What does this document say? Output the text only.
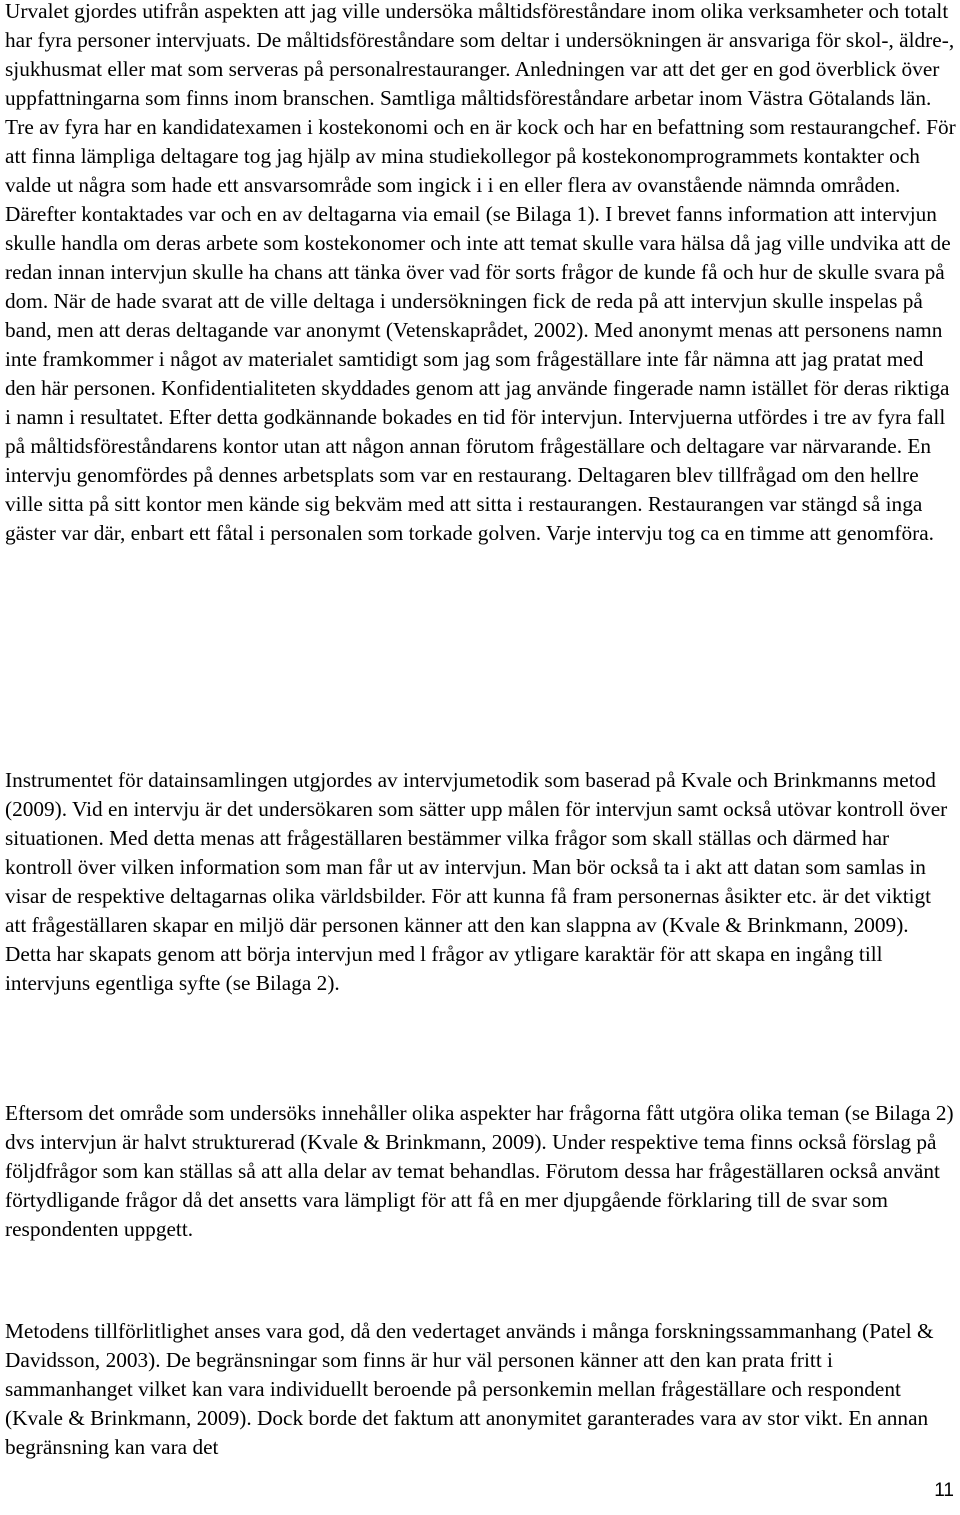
Urvalet gjordes utifrån aspekten att jag ville undersöka måltidsföreståndare inom olika verksamheter och totalt har fyra personer intervjuats. De måltidsföreståndare som deltar i undersökningen är ansvariga för skol-, äldre-, sjukhusmat eller mat som serveras på personalrestauranger. Anledningen var att det ger en god överblick över uppfattningarna som finns inom branschen. Samtliga måltidsföreståndare arbetar inom Västra Götalands län. Tre av fyra har en kandidatexamen i kostekonomi och en är kock och har en befattning som restaurangchef. För att finna lämpliga deltagare tog jag hjälp av mina studiekollegor på kostekonomprogrammets kontakter och valde ut några som hade ett ansvarsområde som ingick i i en eller flera av ovanstående nämnda områden. Därefter kontaktades var och en av deltagarna via email (se Bilaga 1). I brevet fanns information att intervjun skulle handla om deras arbete som kostekonomer och inte att temat skulle vara hälsa då jag ville undvika att de redan innan intervjun skulle ha chans att tänka över vad för sorts frågor de kunde få och hur de skulle svara på dom. När de hade svarat att de ville deltaga i undersökningen fick de reda på att intervjun skulle inspelas på band, men att deras deltagande var anonymt (Vetenskaprådet, 2002). Med anonymt menas att personens namn inte framkommer i något av materialet samtidigt som jag som frågeställare inte får nämna att jag pratat med den här personen. Konfidentialiteten skyddades genom att jag använde fingerade namn istället för deras riktiga i namn i resultatet. Efter detta godkännande bokades en tid för intervjun. Intervjuerna utfördes i tre av fyra fall på måltidsföreståndarens kontor utan att någon annan förutom frågeställare och deltagare var närvarande. En intervju genomfördes på dennes arbetsplats som var en restaurang. Deltagaren blev tillfrågad om den hellre ville sitta på sitt kontor men kände sig bekväm med att sitta i restaurangen. Restaurangen var stängd så inga gäster var där, enbart ett fåtal i personalen som torkade golven. Varje intervju tog ca en timme att genomföra.

Instrumentet för datainsamlingen utgjordes av intervjumetodik som baserad på Kvale och Brinkmanns metod (2009). Vid en intervju är det undersökaren som sätter upp målen för intervjun samt också utövar kontroll över situationen. Med detta menas att frågeställaren bestämmer vilka frågor som skall ställas och därmed har kontroll över vilken information som man får ut av intervjun. Man bör också ta i akt att datan som samlas in visar de respektive deltagarnas olika världsbilder. För att kunna få fram personernas åsikter etc. är det viktigt att frågeställaren skapar en miljö där personen känner att den kan slappna av (Kvale & Brinkmann, 2009). Detta har skapats genom att börja intervjun med l frågor av ytligare karaktär för att skapa en ingång till intervjuns egentliga syfte (se Bilaga 2).

Eftersom det område som undersöks innehåller olika aspekter har frågorna fått utgöra olika teman (se Bilaga 2) dvs intervjun är halvt strukturerad (Kvale & Brinkmann, 2009). Under respektive tema finns också förslag på följdfrågor som kan ställas så att alla delar av temat behandlas. Förutom dessa har frågeställaren också använt förtydligande frågor då det ansetts vara lämpligt för att få en mer djupgående förklaring till de svar som respondenten uppgett.

Metodens tillförlitlighet anses vara god, då den vedertaget används i många forskningssammanhang (Patel & Davidsson, 2003). De begränsningar som finns är hur väl personen känner att den kan prata fritt i sammanhanget vilket kan vara individuellt beroende på personkemin mellan frågeställare och respondent (Kvale & Brinkmann, 2009). Dock borde det faktum att anonymitet garanterades vara av stor vikt. En annan begränsning kan vara det

11
